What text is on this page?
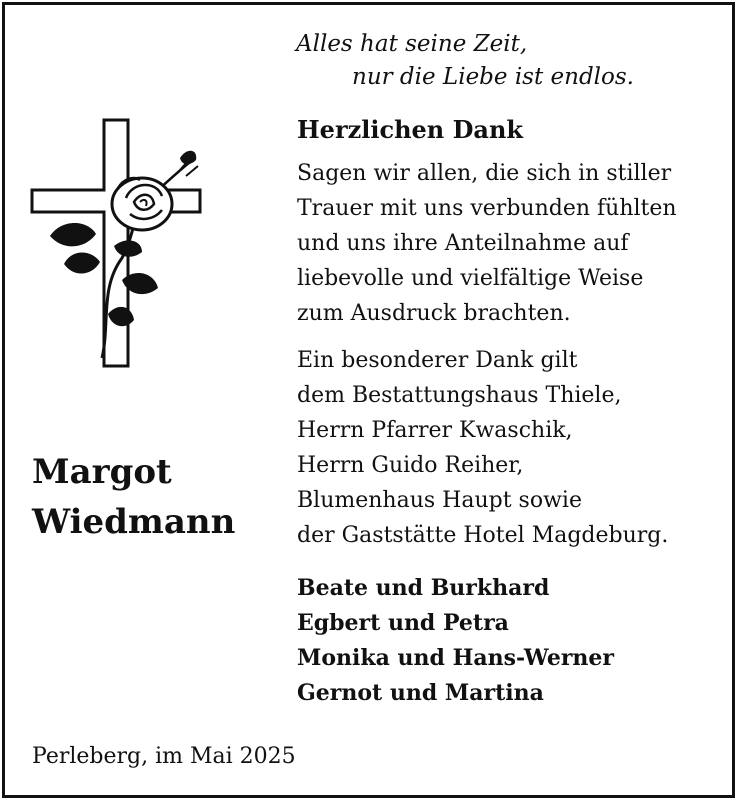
Alles hat seine Zeit,
nur die Liebe ist endlos.
Herzlichen Dank
Sagen wir allen, die sich in stiller
Trauer mit uns verbunden fühlten
und uns ihre Anteilnahme auf
liebevolle und vielfältige Weise
zum Ausdruck brachten.
Ein besonderer Dank gilt
dem Bestattungshaus Thiele,
Herrn Pfarrer Kwaschik,
Herrn Guido Reiher,
Blumenhaus Haupt sowie
der Gaststätte Hotel Magdeburg.
Margot
Wiedmann
Beate und Burkhard
Egbert und Petra
Monika und Hans-Werner
Gernot und Martina
Perleberg, im Mai 2025
